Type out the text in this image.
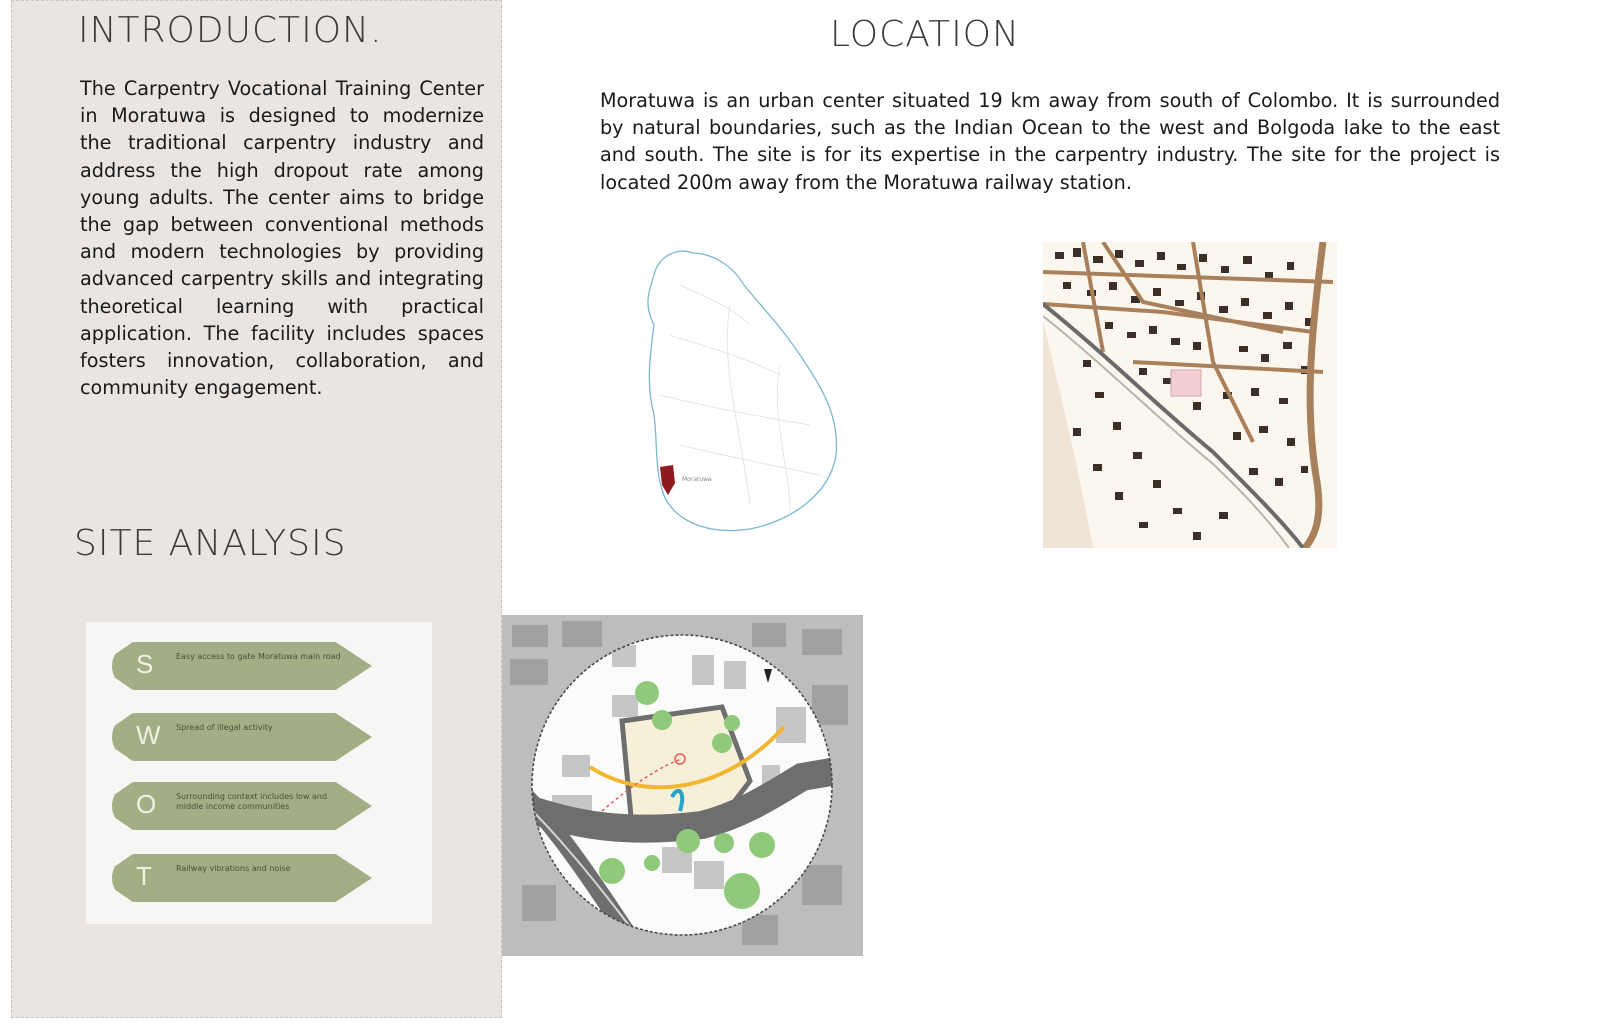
INTRODUCTION.

The Carpentry Vocational Training Center in Moratuwa is designed to modernize the traditional carpentry industry and address the high dropout rate among young adults. The center aims to bridge the gap between conventional methods and modern technologies by providing advanced carpentry skills and integrating theoretical learning with practical application. The facility includes spaces fosters innovation, collaboration, and community engagement.

LOCATION

Moratuwa is an urban center situated 19 km away from south of Colombo. It is surrounded by natural boundaries, such as the Indian Ocean to the west and Bolgoda lake to the east and south. The site is for its expertise in the carpentry industry. The site for the project is located 200m away from the Moratuwa railway station.

SITE ANALYSIS
Moratuwa
S	Easy access to gate Moratuwa main road
W Spread of illegal activity
O Surrounding context includes low and middle income communities
T	Railway vibrations and noise
